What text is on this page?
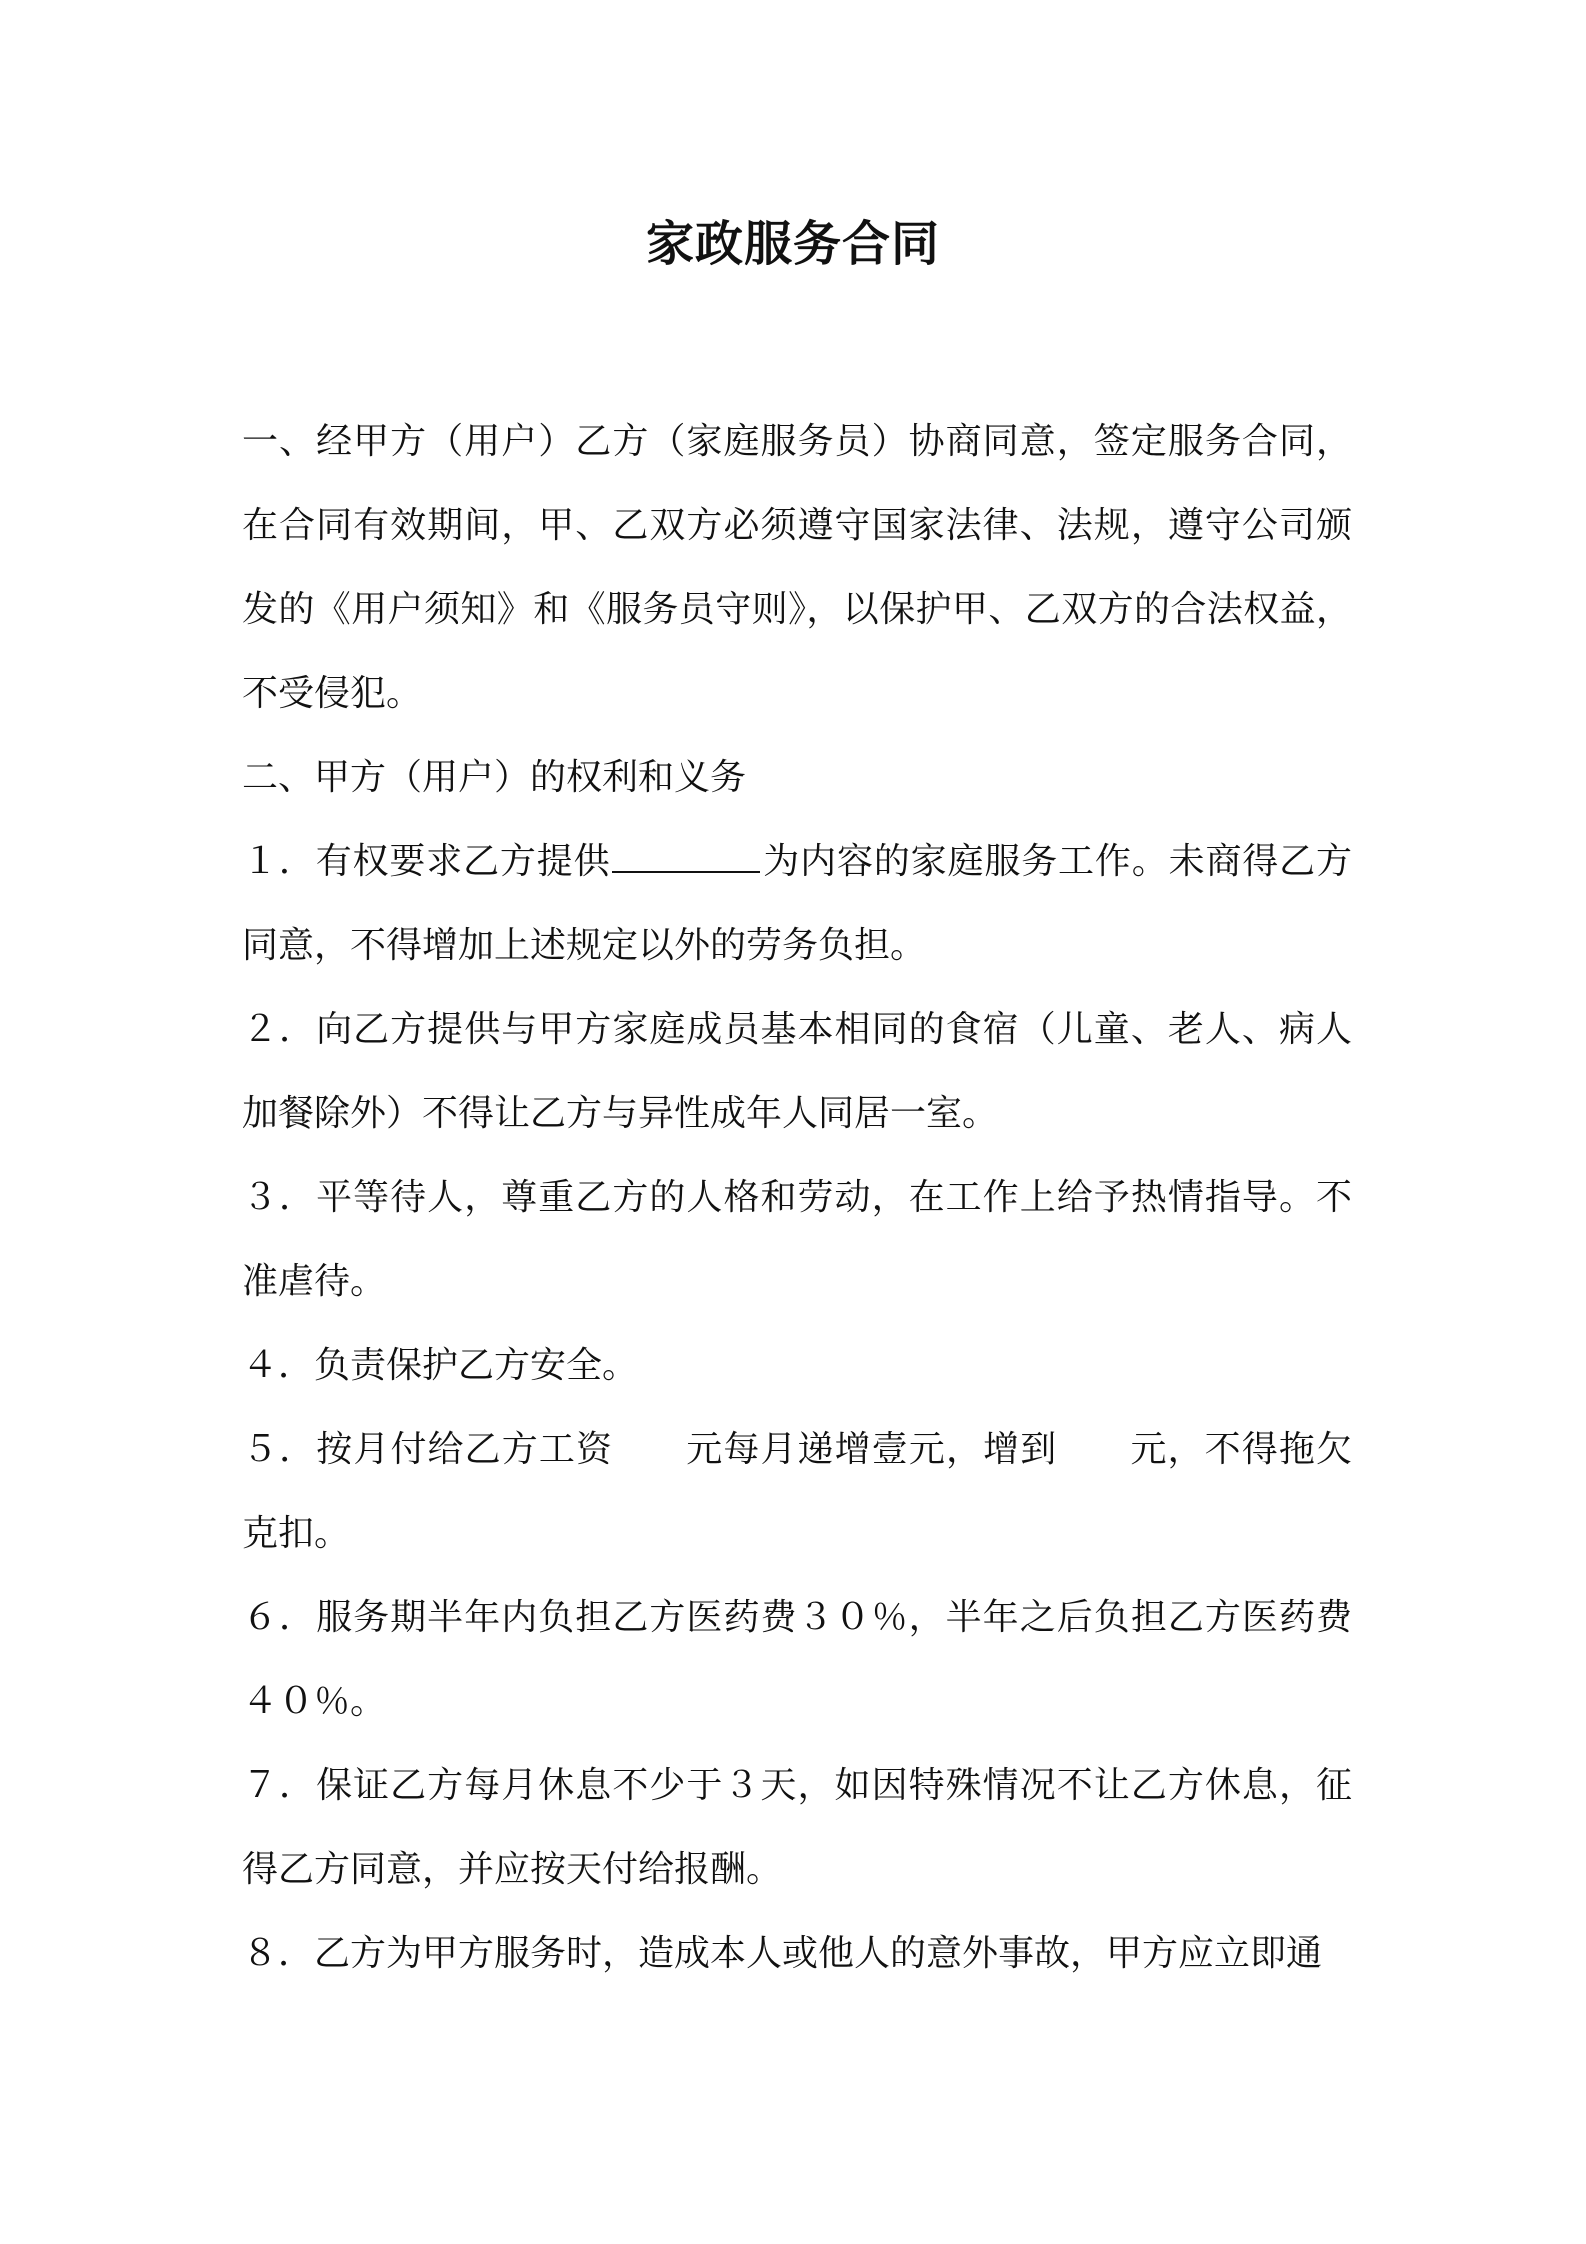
家政服务合同

一、经甲方（用户）乙方（家庭服务员）协商同意，签定服务合同，在合同有效期间，甲、乙双方必须遵守国家法律、法规，遵守公司颁发的《用户须知》和《服务员守则》，以保护甲、乙双方的合法权益，不受侵犯。

二、甲方（用户）的权利和义务

１．有权要求乙方提供	为内容的家庭服务工作。未商得乙方同意，不得增加上述规定以外的劳务负担。

２．向乙方提供与甲方家庭成员基本相同的食宿（儿童、老人、病人加餐除外）不得让乙方与异性成年人同居一室。

３．平等待人，尊重乙方的人格和劳动，在工作上给予热情指导。不准虐待。

４．负责保护乙方安全。

５．按月付给乙方工资 元每月递增壹元，增到 元，不得拖欠克扣。

６．服务期半年内负担乙方医药费３０％，半年之后负担乙方医药费４０％。

７．保证乙方每月休息不少于３天，如因特殊情况不让乙方休息，征得乙方同意，并应按天付给报酬。

８．乙方为甲方服务时，造成本人或他人的意外事故，甲方应立即通
